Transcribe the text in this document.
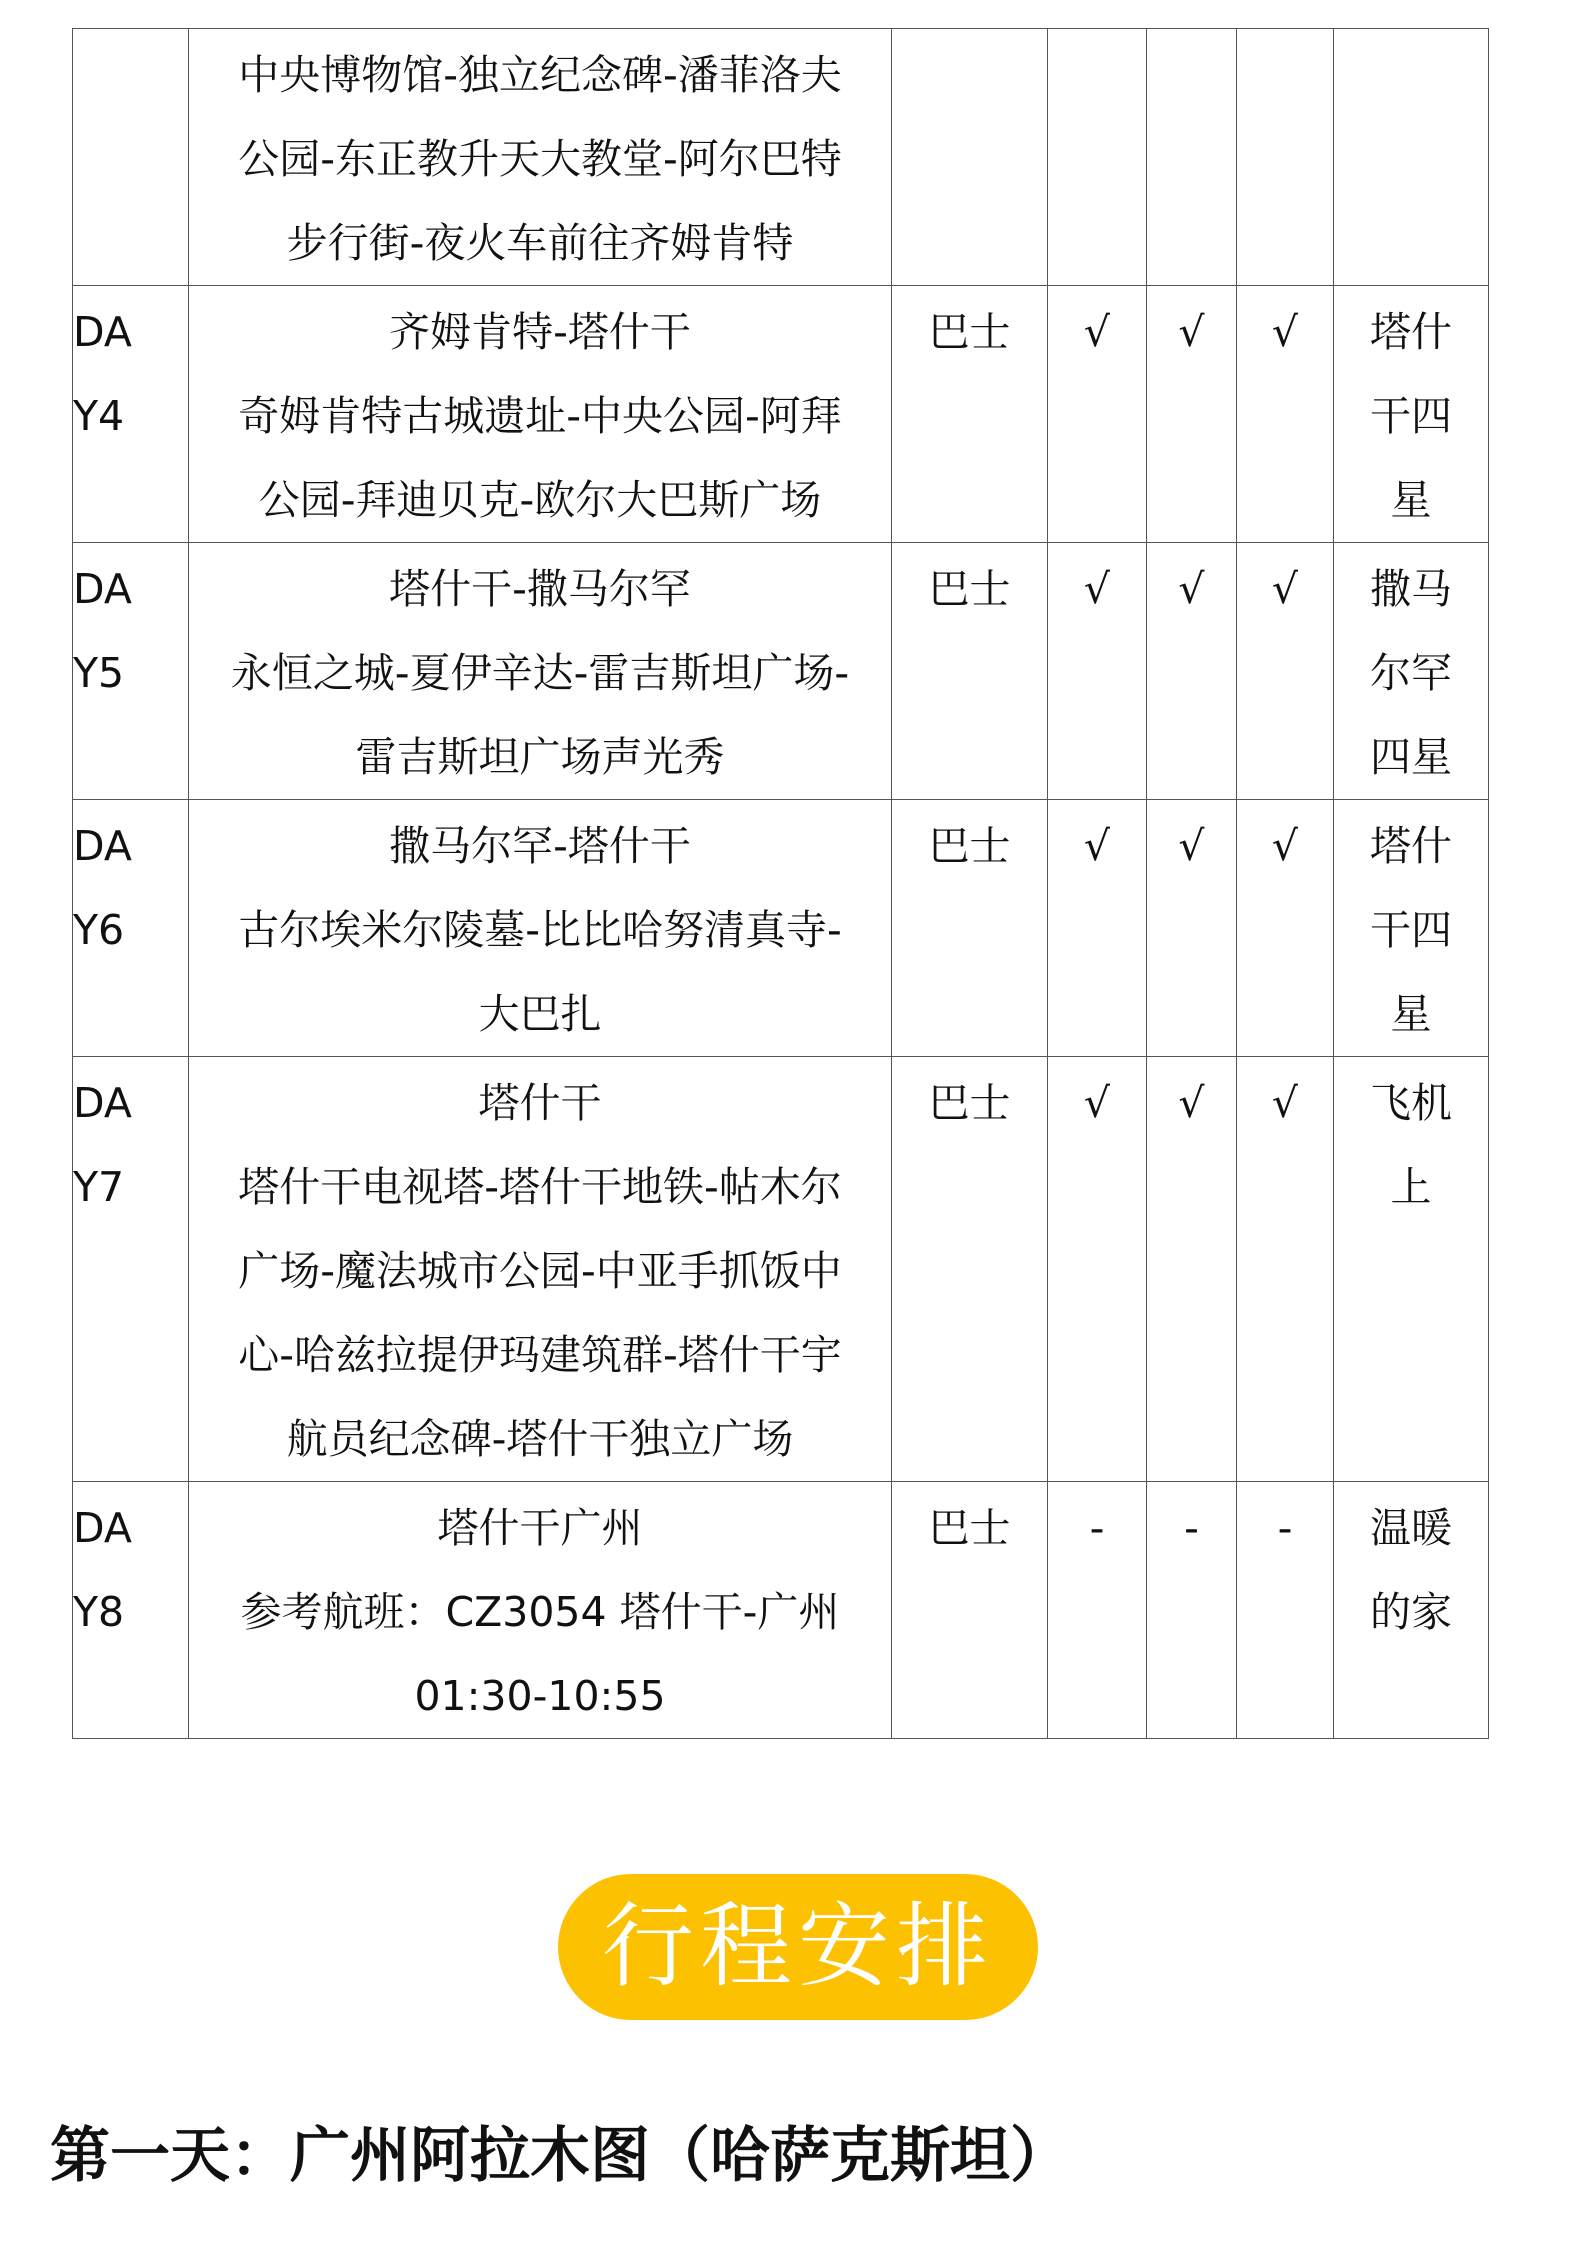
	中央博物馆-独立纪念碑-潘菲洛夫
公园-东正教升天大教堂-阿尔巴特
步行街-夜火车前往齐姆肯特					

DA
Y4	齐姆肯特-塔什干
奇姆肯特古城遗址-中央公园-阿拜
公园-拜迪贝克-欧尔大巴斯广场	巴士	√	√	√	塔什
干四
星

DA
Y5	塔什干-撒马尔罕
永恒之城-夏伊辛达-雷吉斯坦广场-
雷吉斯坦广场声光秀	巴士	√	√	√	撒马
尔罕
四星

DA
Y6	撒马尔罕-塔什干
古尔埃米尔陵墓-比比哈努清真寺-
大巴扎	巴士	√	√	√	塔什
干四
星

DA
Y7	塔什干
塔什干电视塔-塔什干地铁-帖木尔
广场-魔法城市公园-中亚手抓饭中
心-哈兹拉提伊玛建筑群-塔什干宇
航员纪念碑-塔什干独立广场	巴士	√	√	√	飞机
上

DA
Y8	塔什干广州
参考航班：CZ3054 塔什干-广州
01:30-10:55	巴士	-	-	-	温暖
的家
行程安排
第一天：广州阿拉木图（哈萨克斯坦）
